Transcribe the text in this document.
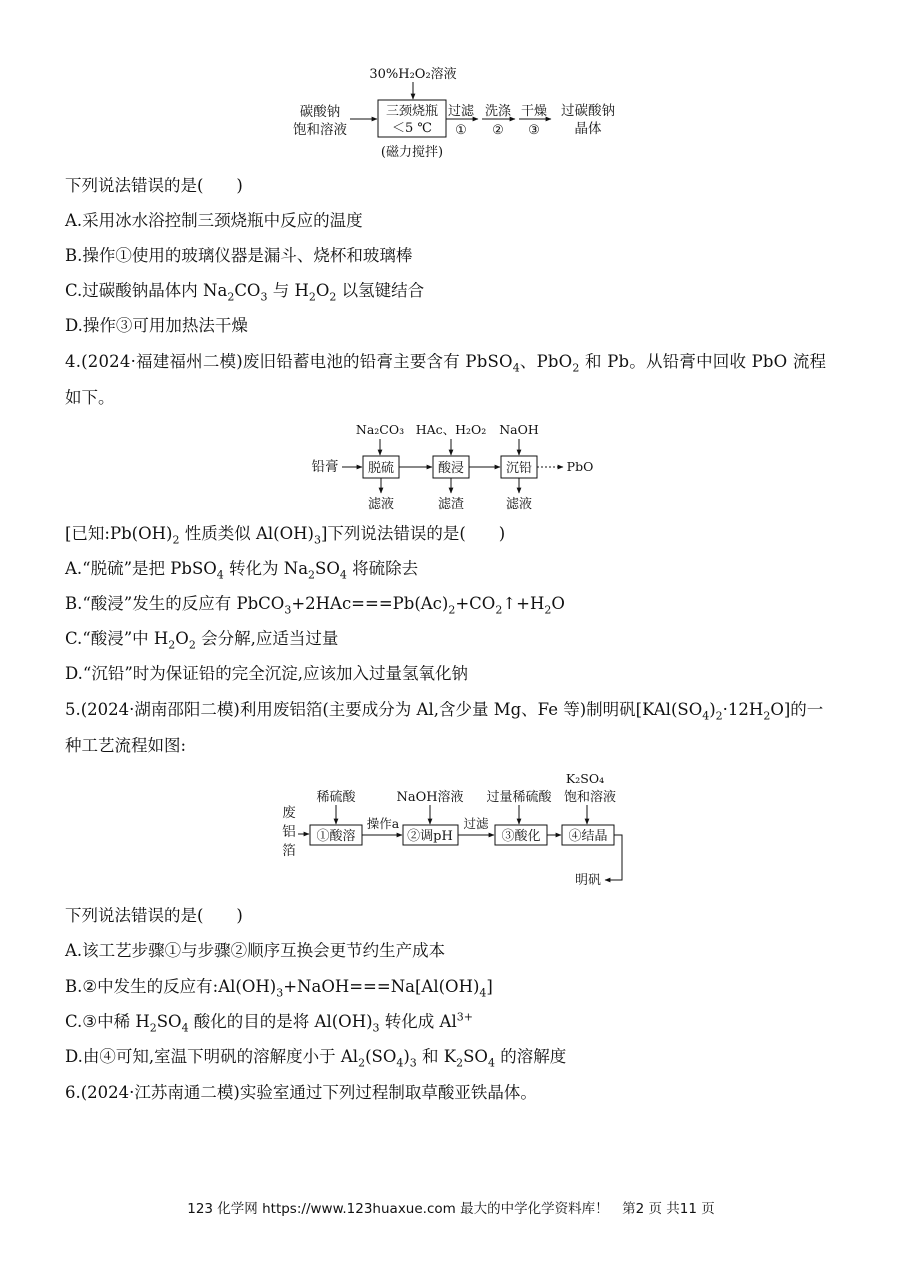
30%H₂O₂溶液
碳酸钠
饱和溶液
三颈烧瓶
＜5 ℃
(磁力搅拌)
过滤
①
洗涤
②
干燥
③
过碳酸钠
晶体
下列说法错误的是(　　)
A.采用冰水浴控制三颈烧瓶中反应的温度
B.操作①使用的玻璃仪器是漏斗、烧杯和玻璃棒
C.过碳酸钠晶体内 $Na_2CO_3$ 与 $H_2O_2$ 以氢键结合
D.操作③可用加热法干燥
4.(2024·福建福州二模)废旧铅蓄电池的铅膏主要含有 PbSO$_4$、PbO$_2$ 和 Pb。从铅膏中回收 PbO 流程
如下。
Na₂CO₃ HAc、H₂O₂ NaOH
铅膏 脱硫	酸浸	沉铅	PbO
滤液	滤渣	滤液
[已知$:Pb(OH)_2$ 性质类似 $Al(OH)_3$]下列说法错误的是(　　)
A.“脱硫”是把 PbSO$_4$ 转化为 $Na_2SO_4$ 将硫除去
B.“酸浸”发生的反应有 $PbCO_3+2HAc===Pb(Ac)_2+CO_2↑+H_2O$
C.“酸浸”中 $H_2O_2$ 会分解,应适当过量
D.“沉铅”时为保证铅的完全沉淀,应该加入过量氢氧化钠
5.(2024·湖南邵阳二模)利用废铝箔(主要成分为 Al,含少量 Mg、Fe 等)制明矾$[KAl(SO_4)_2\cdot 12H_2O]$的一
种工艺流程如图:
K₂SO₄
稀硫酸	NaOH溶液 过量稀硫酸 饱和溶液
废
铝
箔
①酸溶
操作a
②调pH
过滤
③酸化 ④结晶
明矾
下列说法错误的是(　　)
A.该工艺步骤①与步骤②顺序互换会更节约生产成本
B.②中发生的反应有$:Al(OH)_3+NaOH===Na[Al(OH)_4]$
C.③中稀 $H_2SO_4$ 酸化的目的是将 $Al(OH)_3$ 转化成 $Al^{3+}$
D.由④可知,室温下明矾的溶解度小于 $Al_2(SO_4)_3$ 和 $K_2SO_4$ 的溶解度
6.(2024·江苏南通二模)实验室通过下列过程制取草酸亚铁晶体。
123 化学网 https://www.123huaxue.com 最大的中学化学资料库！　第2 页 共11 页
